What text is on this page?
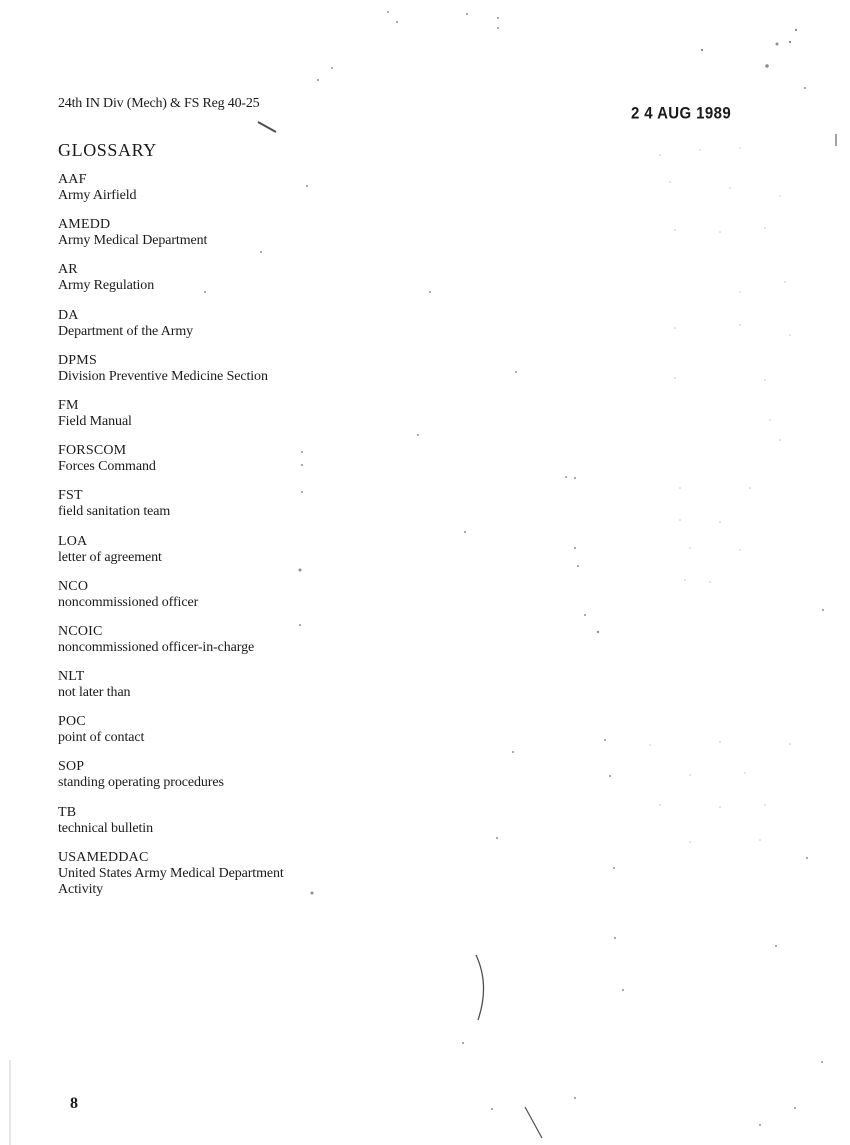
24th IN Div (Mech) & FS Reg 40-25
2 4 AUG 1989
GLOSSARY
AAF
Army Airfield
AMEDD
Army Medical Department
AR
Army Regulation
DA
Department of the Army
DPMS
Division Preventive Medicine Section
FM
Field Manual
FORSCOM
Forces Command
FST
field sanitation team
LOA
letter of agreement
NCO
noncommissioned officer
NCOIC
noncommissioned officer-in-charge
NLT
not later than
POC
point of contact
SOP
standing operating procedures
TB
technical bulletin
USAMEDDAC
United States Army Medical Department Activity
8
